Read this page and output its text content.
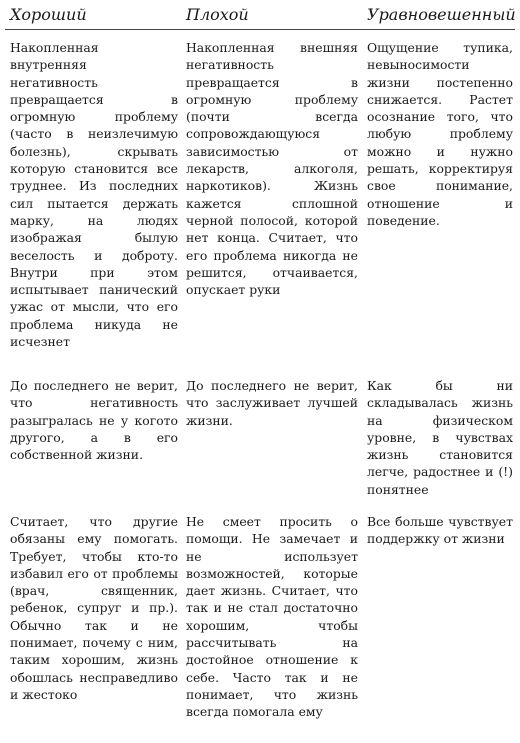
Хороший	Плохой	Уравновешенный
Накопленная внутренняя негативность превращается в огромную проблему (часто в неизлечимую болезнь), скрывать которую становится все труднее. Из последних сил пытается держать марку, на людях изображая былую веселость и доброту. Внутри при этом испытывает панический ужас от мысли, что его проблема никуда не исчезнет
Накопленная внешняя негативность превращается в огромную проблему (почти всегда сопровождающуюся зависимостью от лекарств, алкоголя, наркотиков). Жизнь кажется сплошной черной полосой, которой нет конца. Считает, что его проблема никогда не решится, отчаивается, опускает руки
Ощущение тупика, невыносимости жизни постепенно снижается. Растет осознание того, что любую проблему можно и нужно решать, корректируя свое понимание, отношение и поведение.
До последнего не верит, что негативность разыгралась не у когото другого, а в его собственной жизни.
До последнего не верит, что заслуживает лучшей жизни.
Как бы ни складывалась жизнь на физическом уровне, в чувствах жизнь становится легче, радостнее и (!) понятнее
Считает, что другие обязаны ему помогать. Требует, чтобы кто-то избавил его от проблемы (врач, священник, ребенок, супруг и пр.). Обычно так и не понимает, почему с ним, таким хорошим, жизнь обошлась несправедливо и жестоко
Не смеет просить о помощи. Не замечает и не использует возможностей, которые дает жизнь. Считает, что так и не стал достаточно хорошим, чтобы рассчитывать на достойное отношение к себе. Часто так и не понимает, что жизнь всегда помогала ему
Все больше чувствует поддержку от жизни
